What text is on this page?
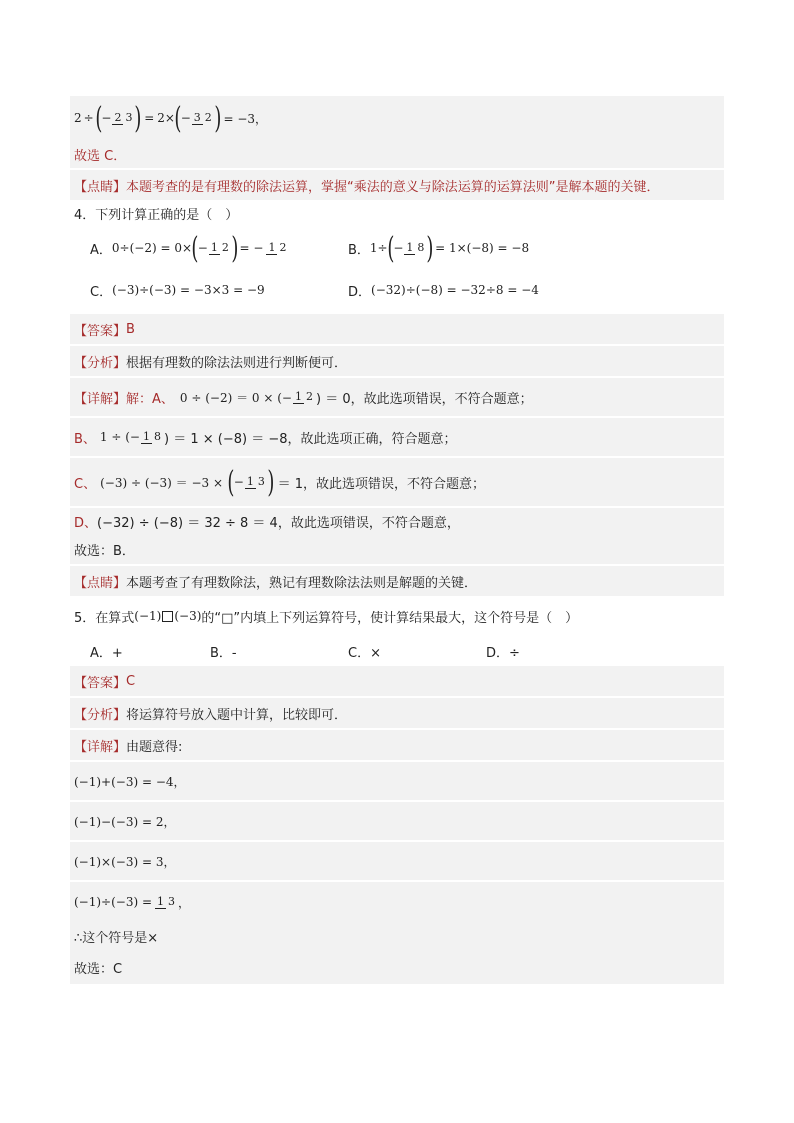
2 ÷ ( − 2 3 ) = 2× ( − 3 2 ) = −3，
故选 C．
【点睛】 本题考查的是有理数的除法运算，掌握“乘法的意义与除法运算的运算法则”是解本题的关键．
4．下列计算正确的是（　）
A． 0÷(−2) = 0× ( − 1 2 ) = − 1 2	B． 1÷ ( − 1 8 ) = 1×(−8) = −8
C． (−3)÷(−3) = −3×3 = −9	D． (−32)÷(−8) = −32÷8 = −4
【答案】 B
【分析】 根据有理数的除法法则进行判断便可．
【详解】 解：A、 0 ÷ (−2) ＝ 0 × (− 1 2 ) ＝ 0，故此选项错误，不符合题意；
B、 1 ÷ (− 1 8 ) ＝ 1 × (−8) ＝ −8，故此选项正确，符合题意；
C、 (−3) ÷ (−3) ＝ −3 × ( − 1 3 ) ＝ 1，故此选项错误，不符合题意；
D、 (−32) ÷ (−8) ＝ 32 ÷ 8 ＝ 4，故此选项错误，不符合题意，
故选：B．
【点睛】 本题考查了有理数除法，熟记有理数除法法则是解题的关键．
5．在算式 (−1) (−3) 的“□”内填上下列运算符号，使计算结果最大，这个符号是（　）
A．+	B．-	C．×	D．÷
【答案】 C
【分析】 将运算符号放入题中计算，比较即可．
【详解】 由题意得:
(−1)+(−3) = −4，
(−1)−(−3) = 2，
(−1)×(−3) = 3，
(−1)÷(−3) = 1 3 ，
∴这个符号是×
故选：C
